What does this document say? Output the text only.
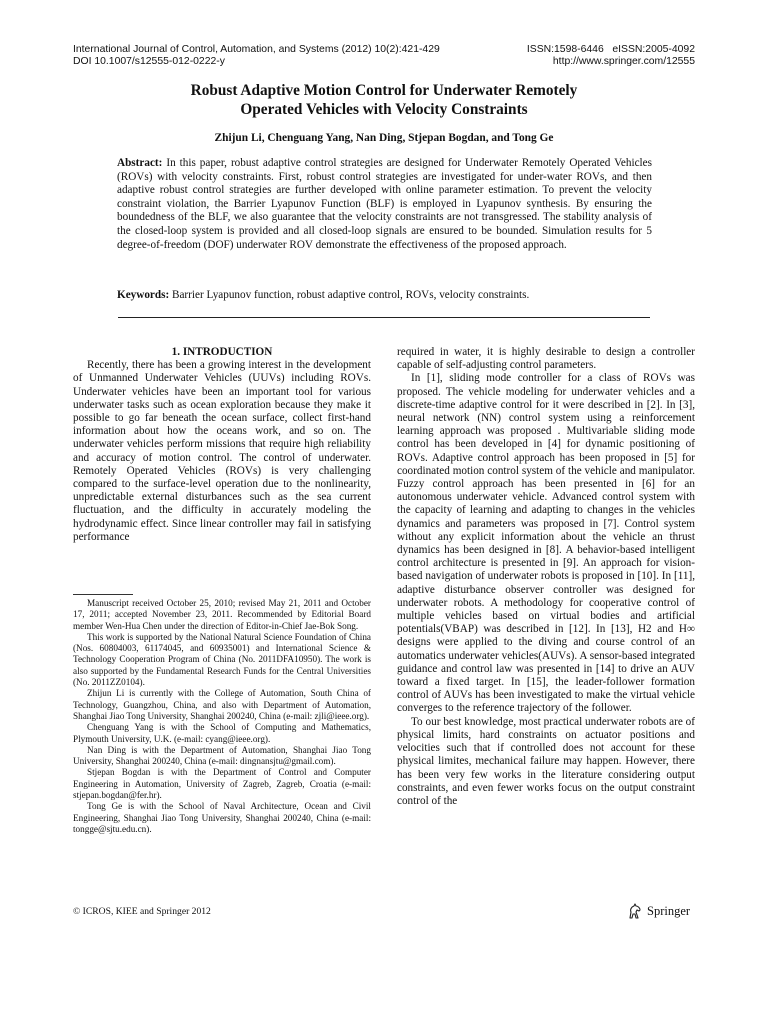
International Journal of Control, Automation, and Systems (2012) 10(2):421-429
DOI 10.1007/s12555-012-0222-y
ISSN:1598-6446   eISSN:2005-4092
http://www.springer.com/12555
Robust Adaptive Motion Control for Underwater Remotely
Operated Vehicles with Velocity Constraints
Zhijun Li, Chenguang Yang, Nan Ding, Stjepan Bogdan, and Tong Ge
Abstract: In this paper, robust adaptive control strategies are designed for Underwater Remotely Operated Vehicles (ROVs) with velocity constraints. First, robust control strategies are investigated for under-water ROVs, and then adaptive robust control strategies are further developed with online parameter estimation. To prevent the velocity constraint violation, the Barrier Lyapunov Function (BLF) is employed in Lyapunov synthesis. By ensuring the boundedness of the BLF, we also guarantee that the velocity constraints are not transgressed. The stability analysis of the closed-loop system is provided and all closed-loop signals are ensured to be bounded. Simulation results for 5 degree-of-freedom (DOF) underwater ROV demonstrate the effectiveness of the proposed approach.
Keywords: Barrier Lyapunov function, robust adaptive control, ROVs, velocity constraints.

1. INTRODUCTION

Recently, there has been a growing interest in the development of Unmanned Underwater Vehicles (UUVs) including ROVs. Underwater vehicles have been an important tool for various underwater tasks such as ocean exploration because they make it possible to go far beneath the ocean surface, collect first-hand information about how the oceans work, and so on. The underwater vehicles perform missions that require high reliability and accuracy of motion control. The control of underwater. Remotely Operated Vehicles (ROVs) is very challenging compared to the surface-level operation due to the nonlinearity, unpredictable external disturbances such as the sea current fluctuation, and the difficulty in accurately modeling the hydrodynamic effect. Since linear controller may fail in satisfying performance

Manuscript received October 25, 2010; revised May 21, 2011 and October 17, 2011; accepted November 23, 2011. Recommended by Editorial Board member Wen-Hua Chen under the direction of Editor-in-Chief Jae-Bok Song.

This work is supported by the National Natural Science Foundation of China (Nos. 60804003, 61174045, and 60935001) and International Science & Technology Cooperation Program of China (No. 2011DFA10950). The work is also supported by the Fundamental Research Funds for the Central Universities (No. 2011ZZ0104).

Zhijun Li is currently with the College of Automation, South China of Technology, Guangzhou, China, and also with Department of Automation, Shanghai Jiao Tong University, Shanghai 200240, China (e-mail: zjli@ieee.org).

Chenguang Yang is with the School of Computing and Mathematics, Plymouth University, U.K. (e-mail: cyang@ieee.org).

Nan Ding is with the Department of Automation, Shanghai Jiao Tong University, Shanghai 200240, China (e-mail: dingnansjtu@gmail.com).

Stjepan Bogdan is with the Department of Control and Computer Engineering in Automation, University of Zagreb, Zagreb, Croatia (e-mail: stjepan.bogdan@fer.hr).

Tong Ge is with the School of Naval Architecture, Ocean and Civil Engineering, Shanghai Jiao Tong University, Shanghai 200240, China (e-mail: tongge@sjtu.edu.cn).

required in water, it is highly desirable to design a controller capable of self-adjusting control parameters.

In [1], sliding mode controller for a class of ROVs was proposed. The vehicle modeling for underwater vehicles and a discrete-time adaptive control for it were described in [2]. In [3], neural network (NN) control system using a reinforcement learning approach was proposed . Multivariable sliding mode control has been developed in [4] for dynamic positioning of ROVs. Adaptive control approach has been proposed in [5] for coordinated motion control system of the vehicle and manipulator. Fuzzy control approach has been presented in [6] for an autonomous underwater vehicle. Advanced control system with the capacity of learning and adapting to changes in the vehicles dynamics and parameters was proposed in [7]. Control system without any explicit information about the vehicle an thrust dynamics has been designed in [8]. A behavior-based intelligent control architecture is presented in [9]. An approach for vision-based navigation of underwater robots is proposed in [10]. In [11], adaptive disturbance observer controller was designed for underwater robots. A methodology for cooperative control of multiple vehicles based on virtual bodies and artificial potentials(VBAP) was described in [12]. In [13], H2 and H∞ designs were applied to the diving and course control of an automatics underwater vehicles(AUVs). A sensor-based integrated guidance and control law was presented in [14] to drive an AUV toward a fixed target. In [15], the leader-follower formation control of AUVs has been investigated to make the virtual vehicle converges to the reference trajectory of the follower.

To our best knowledge, most practical underwater robots are of physical limits, hard constraints on actuator positions and velocities such that if controlled does not account for these physical limites, mechanical failure may happen. However, there has been very few works in the literature considering output constraints, and even fewer works focus on the output constraint control of the

© ICROS, KIEE and Springer 2012	Springer
